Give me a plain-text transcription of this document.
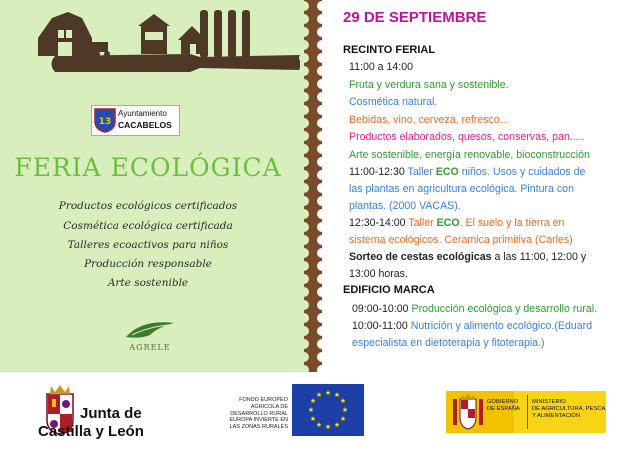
13
Ayuntamiento
CACABELOS
FERIA ECOLÓGICA
Productos ecológicos certificados
Cosmética ecológica certificada
Talleres ecoactivos para niños
Producción responsable
Arte sostenible
AGRELE
29 DE SEPTIEMBRE
RECINTO FERIAL
11:00 a 14:00
Fruta y verdura sana y sostenible.
Cosmética natural.
Bebidas, vino, cerveza, refresco...
Productos elaborados, quesos, conservas, pan.....
Arte sostenible, energía renovable, bioconstrucción
11:00-12:30 Taller ECO niños. Usos y cuidados de
las plantas en agricultura ecológica. Pintura con
plantas. (2000 VACAS).
12:30-14:00 Taller ECO. El suelo y la tierra en
sistema ecológicos. Ceramica primitiva (Carles)
Sorteo de cestas ecológicas a las 11:00, 12:00 y
13:00 horas.
EDIFICIO MARCA
09:00-10:00 Producción ecológica y desarrollo rural.
10:00-11:00 Nutrición y alimento ecológico.(Eduard
especialista en dietoterapia y fitoterapia.)
Junta de
Castilla y León
FONDO EUROPEO
AGRICOLA DE
DESARROLLO RURAL
EUROPA INVIERTE EN
LAS ZONAS RURALES
★ ★
★
★
★
★
★
★
★
★
★
★
GOBIERNO
DE ESPAÑA
MINISTERIO
DE AGRICULTURA, PESCA
Y ALIMENTACIÓN
